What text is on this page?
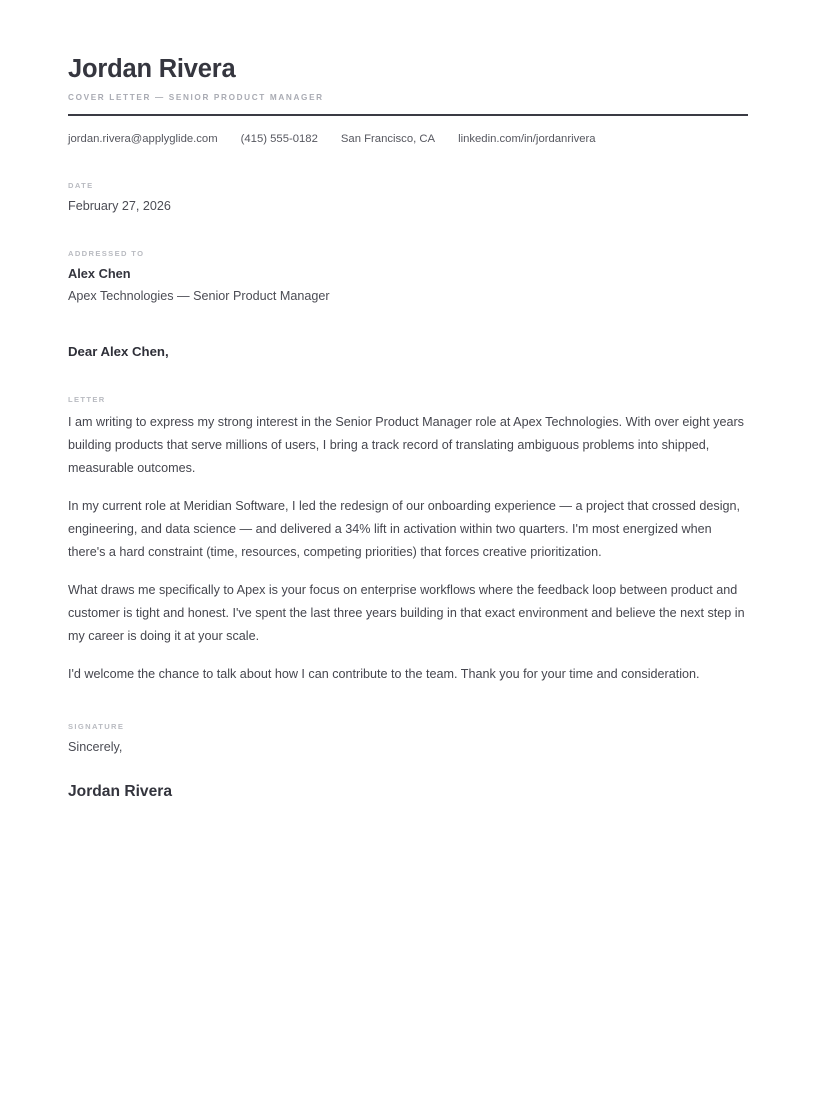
Jordan Rivera
COVER LETTER — SENIOR PRODUCT MANAGER
jordan.rivera@applyglide.com (415) 555-0182 San Francisco, CA linkedin.com/in/jordanrivera
DATE
February 27, 2026
ADDRESSED TO
Alex Chen
Apex Technologies — Senior Product Manager

Dear Alex Chen,

LETTER

I am writing to express my strong interest in the Senior Product Manager role at Apex Technologies. With over eight years building products that serve millions of users, I bring a track record of translating ambiguous problems into shipped, measurable outcomes.

In my current role at Meridian Software, I led the redesign of our onboarding experience — a project that crossed design, engineering, and data science — and delivered a 34% lift in activation within two quarters. I'm most energized when there's a hard constraint (time, resources, competing priorities) that forces creative prioritization.

What draws me specifically to Apex is your focus on enterprise workflows where the feedback loop between product and customer is tight and honest. I've spent the last three years building in that exact environment and believe the next step in my career is doing it at your scale.

I'd welcome the chance to talk about how I can contribute to the team. Thank you for your time and consideration.

SIGNATURE
Sincerely,
Jordan Rivera
